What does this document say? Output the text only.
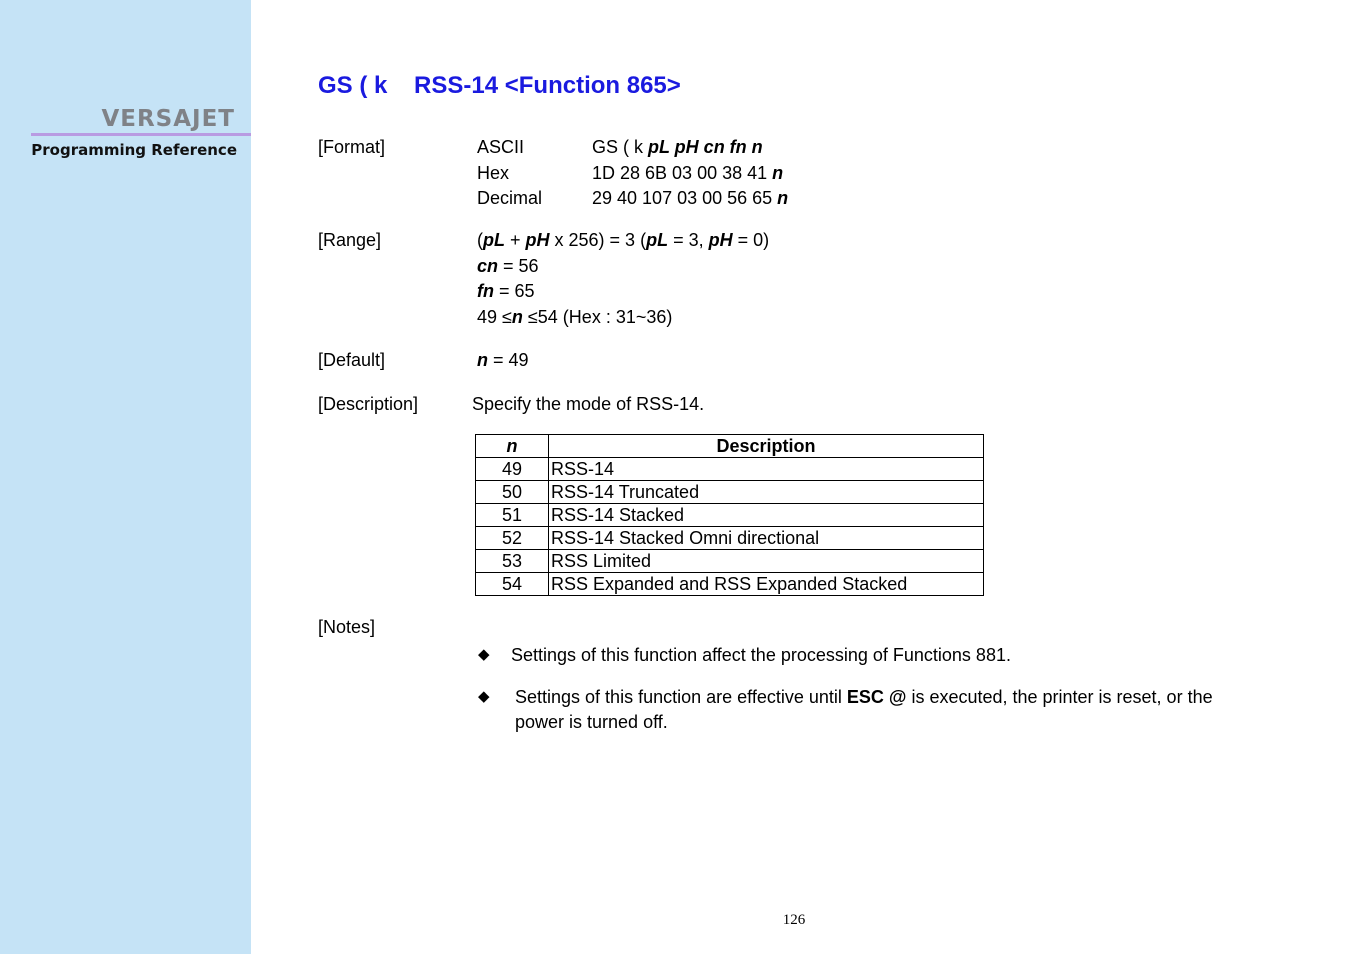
VERSAJET
Programming Reference
GS ( k    RSS-14 <Function 865>
[Format]	ASCII	GS ( k pL pH cn fn n
Hex	1D 28 6B 03 00 38 41 n
Decimal	29 40 107 03 00 56 65 n
[Range]	(pL + pH x 256) = 3 (pL = 3, pH = 0)
cn = 56
fn = 65
49 ≤n ≤54 (Hex : 31~36)
[Default]	n = 49
[Description]	Specify the mode of RSS-14.
n	Description
49	RSS-14
50	RSS-14 Truncated
51	RSS-14 Stacked
52	RSS-14 Stacked Omni directional
53	RSS Limited
54	RSS Expanded and RSS Expanded Stacked
[Notes]
◆ Settings of this function affect the processing of Functions 881.
◆ Settings of this function are effective until ESC @ is executed, the printer is reset, or the
power is turned off.
126
